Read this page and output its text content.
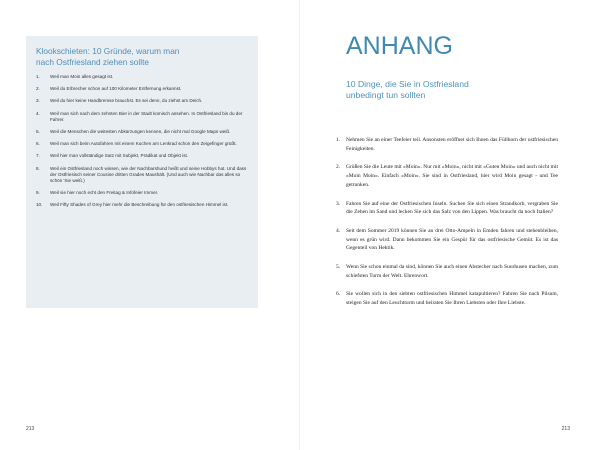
Klookschieten: 10 Gründe, warum man nach Ostfriesland ziehen sollte
1.	Weil man Moin alles gesagt ist.
2.	Weil du Erbrecher schon auf 100 Kilometer Entfernung erkannst.
3.	Weil du hier keine Handbremse brauchst. Es sei denn, du ziehst am Deich.
4.	Weil man sich nach dem zehnten Bier in der Stadt komisch ansehen. In Ostfriesland bis du der Fahrer.
5.	Weil die Menschen die weitesten Abkürzungen kennen, die nicht mal Google Maps weiß.
6.	Weil man sich beim Autofahren mit einem Kuchen am Lenkrad schon den Zeigefinger grüßt.
7.	Weil hier man vollständige Satz mit Subjekt, Prädikat und Objekt ist.
8.	Weil ein Ostfriesland noch wissen, wie der Nachbarshund heißt und seine Hobbys hat. Und dass der Ostfriesisch seiner Cousine dritten Grades Maushält. (Und auch wie Nachbar das alles so schön 'Sie weiß.)
9.	Weil sie hier noch echt den Freitag & Infofeier Immer.
10.	Weil Fifty Shades of Grey hier mehr die Beschreibung für den ostfriesischen Himmel ist.
213
ANHANG
10 Dinge, die Sie in Ostfriesland unbedingt tun sollten
1.	Nehmen Sie an einer Teefeier teil. Ansonsten eröffnet sich Ihnen das Füllhorn der ostfriesischen Feinigkeiten.
2.	Grüßen Sie die Leute mit »Moin«. Nur mit »Moin«, nicht mit »Guten Moin« und auch nicht mit »Moin Moin«. Einfach »Moin«. Sie sind in Ostfriesland, hier wird Moin gesagt - und Tee getrunken.
3.	Fahren Sie auf eine der Ostfriesischen Inseln. Suchen Sie sich einen Strandkorb, vergraben Sie die Zehen im Sand und lecken Sie sich das Salz von den Lippen. Was braucht da noch Italien?
4.	Seit dem Sommer 2019 können Sie an drei Otto-Ampeln in Emden fahren und stehenbleiben, wenn es grün wird. Dann bekommen Sie ein Gespür für das ostfriesische Gemüt. Es ist das Gegenteil von Hektik.
5.	Wenn Sie schon einmal da sind, können Sie auch einen Abstecher nach Suurhusen machen, zum schiefsten Turm der Welt. Ehrenwort.
6.	Sie wollen sich in den siebten ostfriesischen Himmel katapultieren? Fahren Sie nach Pilsum, steigen Sie auf den Leuchtturm und heiraten Sie Ihren Liebsten oder Ihre Liebste.
213
